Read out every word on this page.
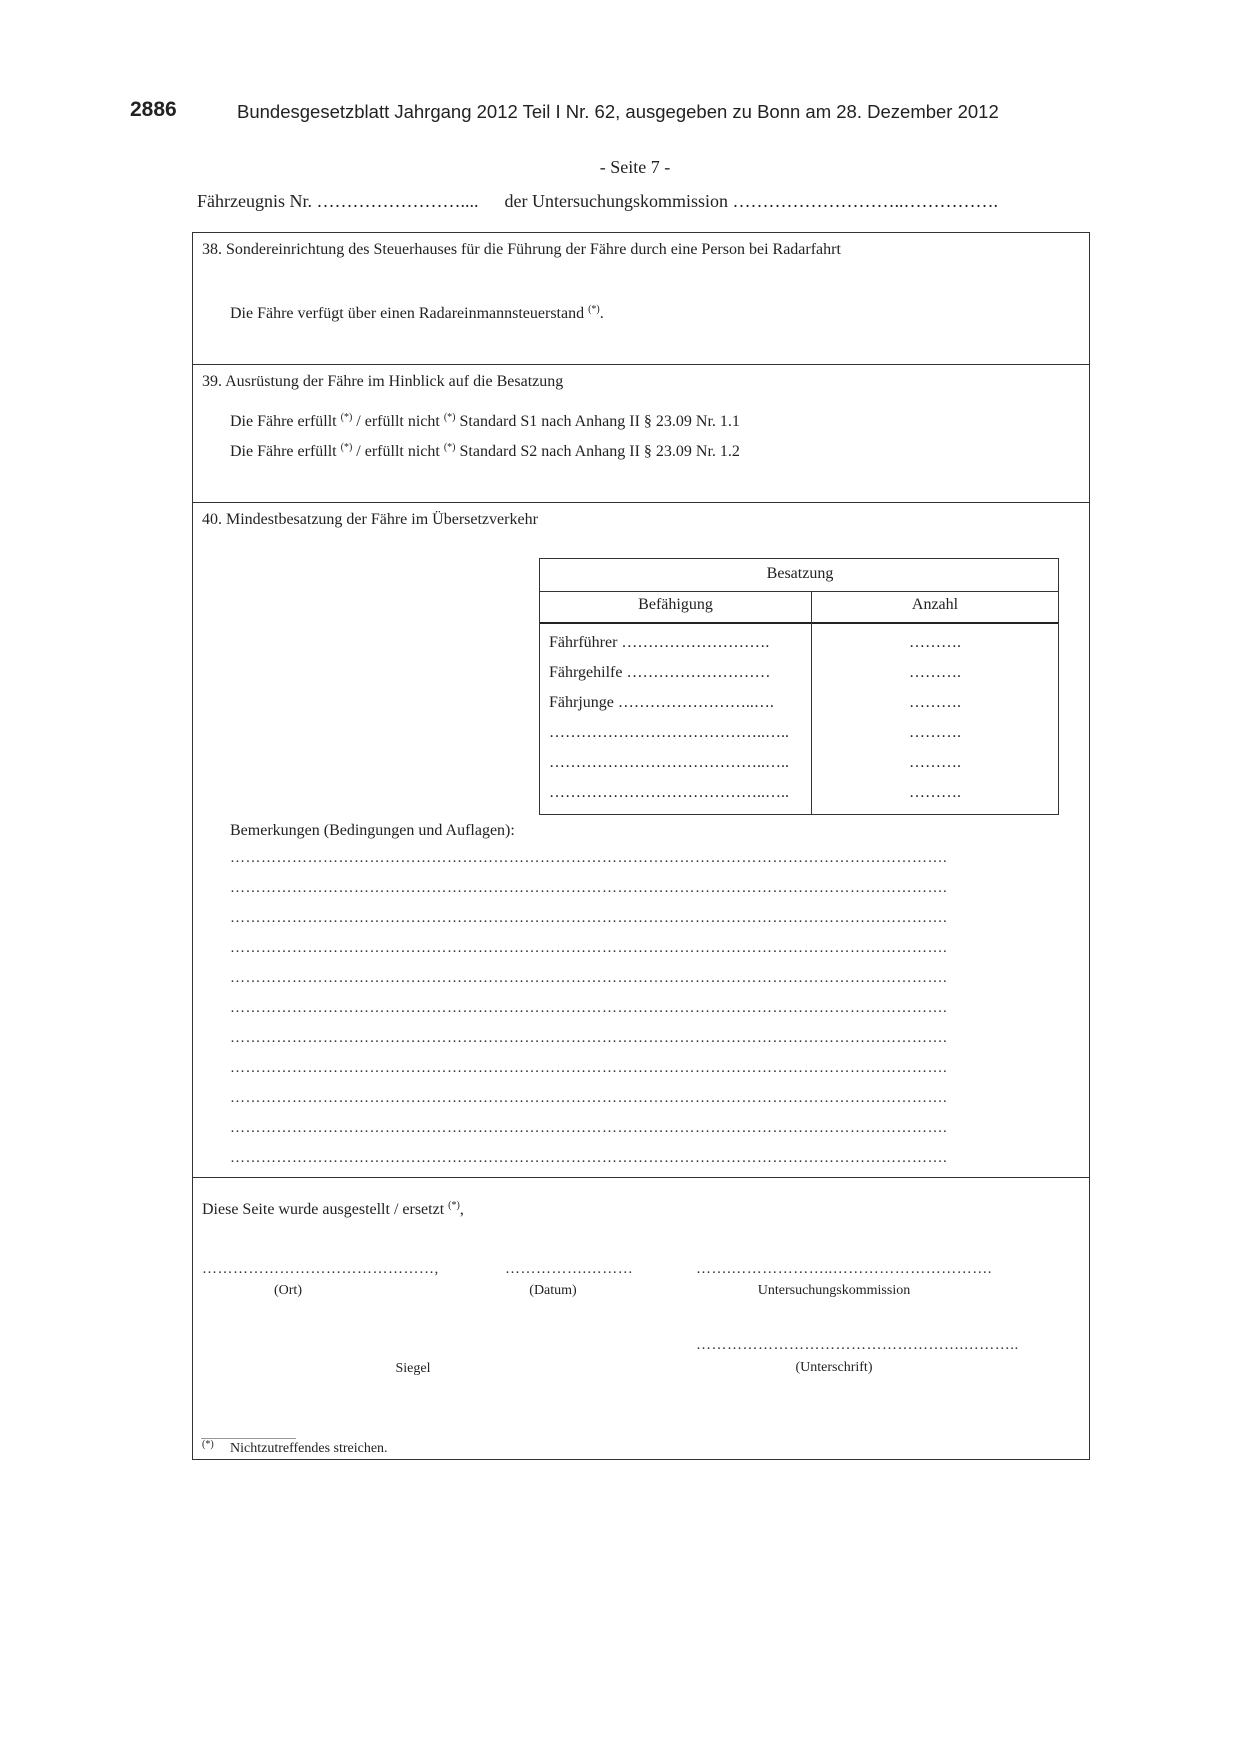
2886	Bundesgesetzblatt Jahrgang 2012 Teil I Nr. 62, ausgegeben zu Bonn am 28. Dezember 2012
- Seite 7 -
Fährzeugnis Nr. …………………….... der Untersuchungskommission ………………………..…………….
38. Sondereinrichtung des Steuerhauses für die Führung der Fähre durch eine Person bei Radarfahrt
Die Fähre verfügt über einen Radareinmannsteuerstand (*).
39. Ausrüstung der Fähre im Hinblick auf die Besatzung
Die Fähre erfüllt (*) / erfüllt nicht (*) Standard S1 nach Anhang II § 23.09 Nr. 1.1
Die Fähre erfüllt (*) / erfüllt nicht (*) Standard S2 nach Anhang II § 23.09 Nr. 1.2
40. Mindestbesatzung der Fähre im Übersetzverkehr
Besatzung
Befähigung	Anzahl
Fährführer ……………………….	……….
Fährgehilfe ………………………	……….
Fährjunge ……………………..….	……….
…………………………………..…..	……….
…………………………………..…..	……….
…………………………………..…..	……….
Bemerkungen (Bedingungen und Auflagen):
………………………………………………………………………………………………………………………….
………………………………………………………………………………………………………………………….
………………………………………………………………………………………………………………………….
………………………………………………………………………………………………………………………….
………………………………………………………………………………………………………………………….
………………………………………………………………………………………………………………………….
………………………………………………………………………………………………………………………….
………………………………………………………………………………………………………………………….
………………………………………………………………………………………………………………………….
………………………………………………………………………………………………………………………….
………………………………………………………………………………………………………………………….
Diese Seite wurde ausgestellt / ersetzt (*),
………………………………………,
(Ort)
…………….………
(Datum)
…….………………..………………………….
Untersuchungskommission
Siegel
…………………………………………….………..
(Unterschrift)
(*) Nichtzutreffendes streichen.
